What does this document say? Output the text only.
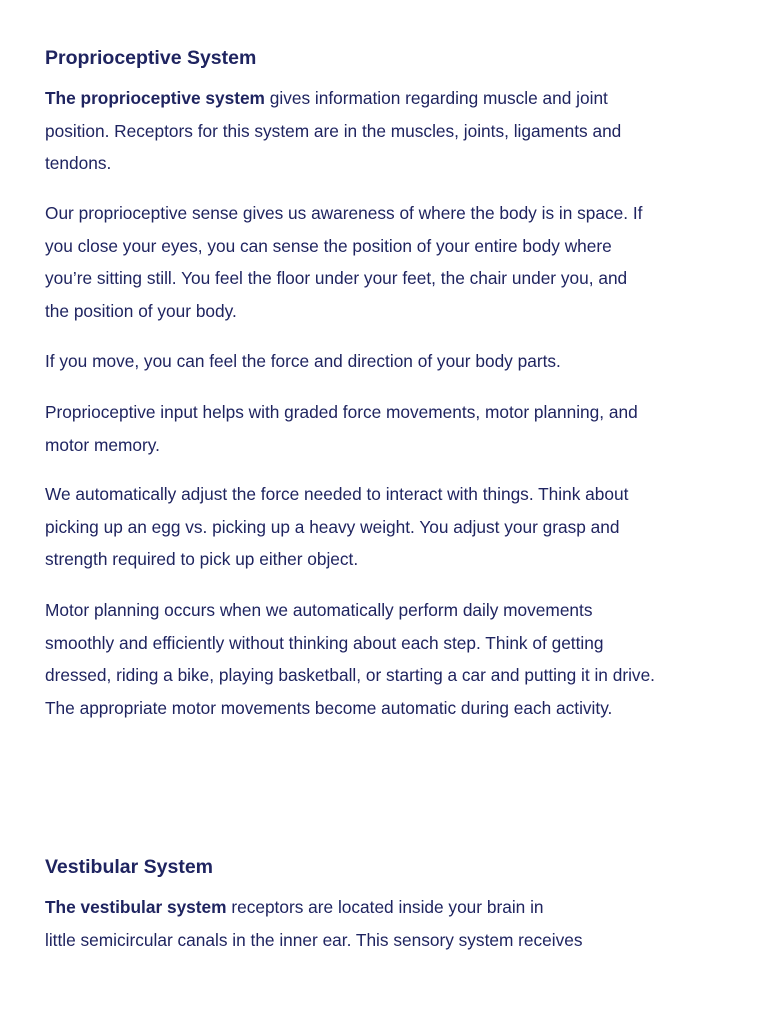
Proprioceptive System

The proprioceptive system gives information regarding muscle and joint
position. Receptors for this system are in the muscles, joints, ligaments and
tendons.

Our proprioceptive sense gives us awareness of where the body is in space. If
you close your eyes, you can sense the position of your entire body where
you’re sitting still. You feel the floor under your feet, the chair under you, and
the position of your body.

If you move, you can feel the force and direction of your body parts.

Proprioceptive input helps with graded force movements, motor planning, and
motor memory.

We automatically adjust the force needed to interact with things. Think about
picking up an egg vs. picking up a heavy weight. You adjust your grasp and
strength required to pick up either object.

Motor planning occurs when we automatically perform daily movements
smoothly and efficiently without thinking about each step. Think of getting
dressed, riding a bike, playing basketball, or starting a car and putting it in drive.
The appropriate motor movements become automatic during each activity.

Vestibular System

The vestibular system receptors are located inside your brain in
little semicircular canals in the inner ear. This sensory system receives
